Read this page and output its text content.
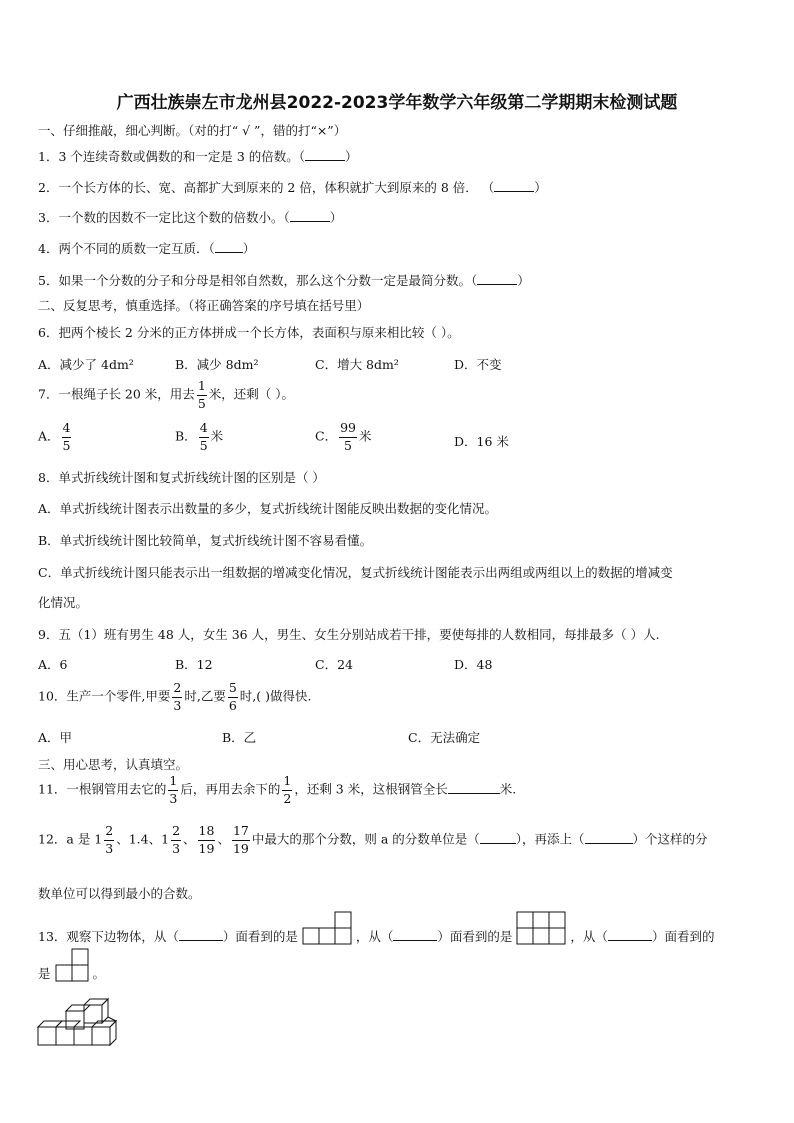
广西壮族崇左市龙州县2022-2023学年数学六年级第二学期期末检测试题
一、仔细推敲，细心判断。（对的打“ √ ”，错的打“×”）
1．3 个连续奇数或偶数的和一定是 3 的倍数。（	）
2．一个长方体的长、宽、高都扩大到原来的 2 倍，体积就扩大到原来的 8 倍． （	）
3．一个数的因数不一定比这个数的倍数小。（	）
4．两个不同的质数一定互质．（ ）
5．如果一个分数的分子和分母是相邻自然数，那么这个分数一定是最简分数。（	）
二、反复思考，慎重选择。（将正确答案的序号填在括号里）
6．把两个棱长 2 分米的正方体拼成一个长方体，表面积与原来相比较（ ）。
A．减少了 4dm²	B．减少 8dm²	C．增大 8dm²	D．不变
7．一根绳子长 20 米，用去 $\frac{1}{5}$ 米，还剩（ ）。
A． $\frac{4}{5}$	B． $\frac{4}{5}$ 米	C． $\frac{99}{5}$ 米	D．16 米
8．单式折线统计图和复式折线统计图的区别是（ ）
A．单式折线统计图表示出数量的多少，复式折线统计图能反映出数据的变化情况。
B．单式折线统计图比较简单，复式折线统计图不容易看懂。
C．单式折线统计图只能表示出一组数据的增减变化情况，复式折线统计图能表示出两组或两组以上的数据的增减变
化情况。
9．五（1）班有男生 48 人，女生 36 人，男生、女生分别站成若干排，要使每排的人数相同，每排最多（ ）人.
A．6	B．12	C．24	D．48
10．生产一个零件,甲要 $\frac{2}{3}$ 时,乙要 $\frac{5}{6}$ 时,( )做得快.
A．甲	B．乙	C．无法确定
三、用心思考，认真填空。
11．一根钢管用去它的 $\frac{1}{3}$ 后，再用去余下的 $\frac{1}{2}$ ，还剩 3 米，这根钢管全长	米.
12．a 是 $1 \frac{2}{3}$ 、1.4、$1 \frac{2}{3}$ 、 $\frac{18}{19}$ 、 $\frac{17}{19}$ 中最大的那个分数，则 a 的分数单位是（	），再添上（	）个这样的分
数单位可以得到最小的合数。
13．观察下边物体，从（	）面看到的是	，从（	）面看到的是	，从（	）面看到的
是	。
